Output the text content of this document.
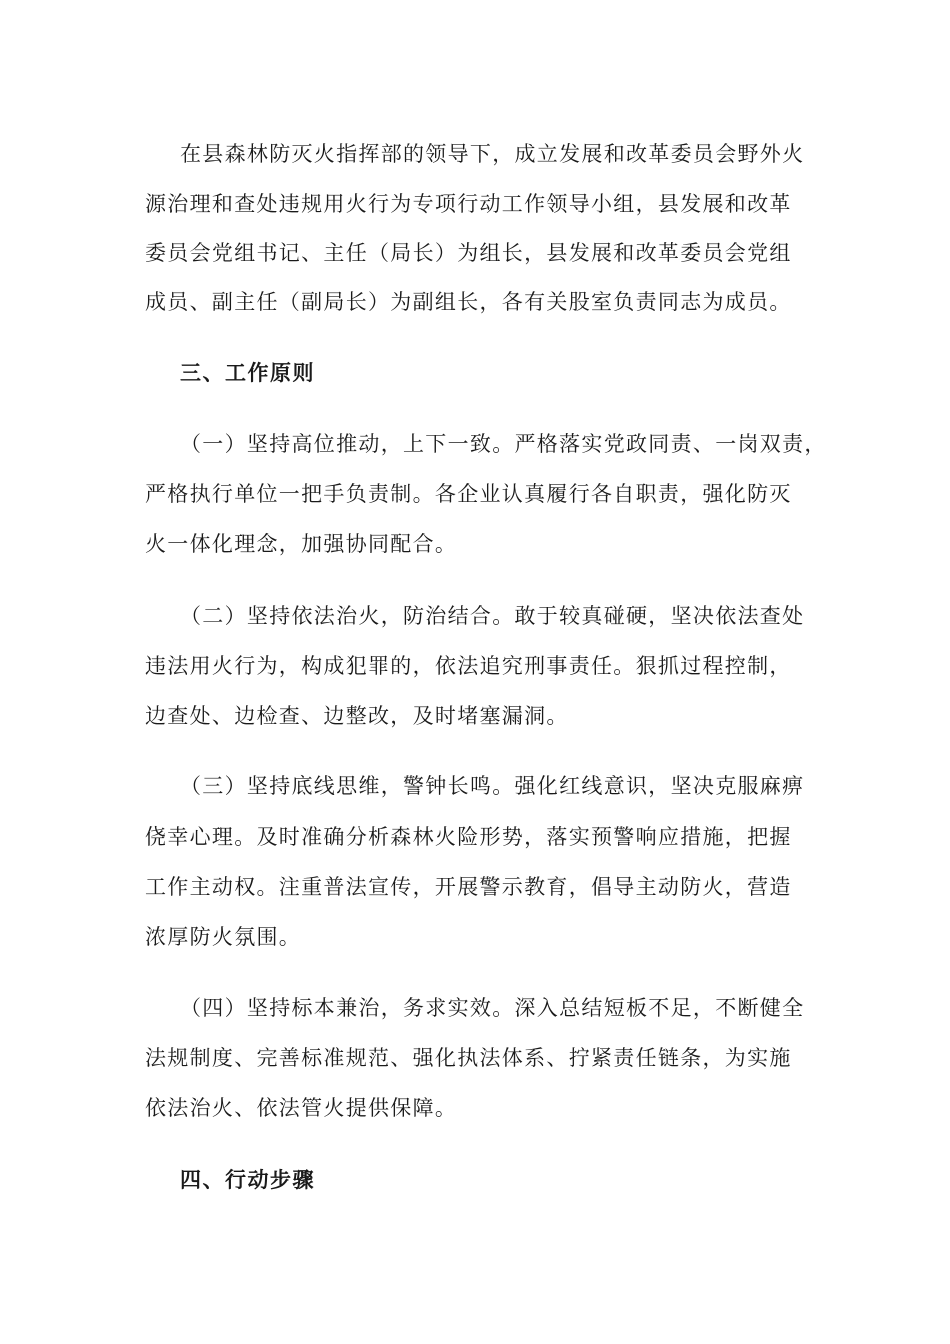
在县森林防灭火指挥部的领导下，成立发展和改革委员会野外火
源治理和查处违规用火行为专项行动工作领导小组，县发展和改革
委员会党组书记、主任（局长）为组长，县发展和改革委员会党组
成员、副主任（副局长）为副组长，各有关股室负责同志为成员。
三、工作原则
（一）坚持高位推动，上下一致。严格落实党政同责、一岗双责，
严格执行单位一把手负责制。各企业认真履行各自职责，强化防灭
火一体化理念，加强协同配合。
（二）坚持依法治火，防治结合。敢于较真碰硬，坚决依法查处
违法用火行为，构成犯罪的，依法追究刑事责任。狠抓过程控制，
边查处、边检查、边整改，及时堵塞漏洞。
（三）坚持底线思维，警钟长鸣。强化红线意识，坚决克服麻痹
侥幸心理。及时准确分析森林火险形势，落实预警响应措施，把握
工作主动权。注重普法宣传，开展警示教育，倡导主动防火，营造
浓厚防火氛围。
（四）坚持标本兼治，务求实效。深入总结短板不足，不断健全
法规制度、完善标准规范、强化执法体系、拧紧责任链条，为实施
依法治火、依法管火提供保障。
四、行动步骤
